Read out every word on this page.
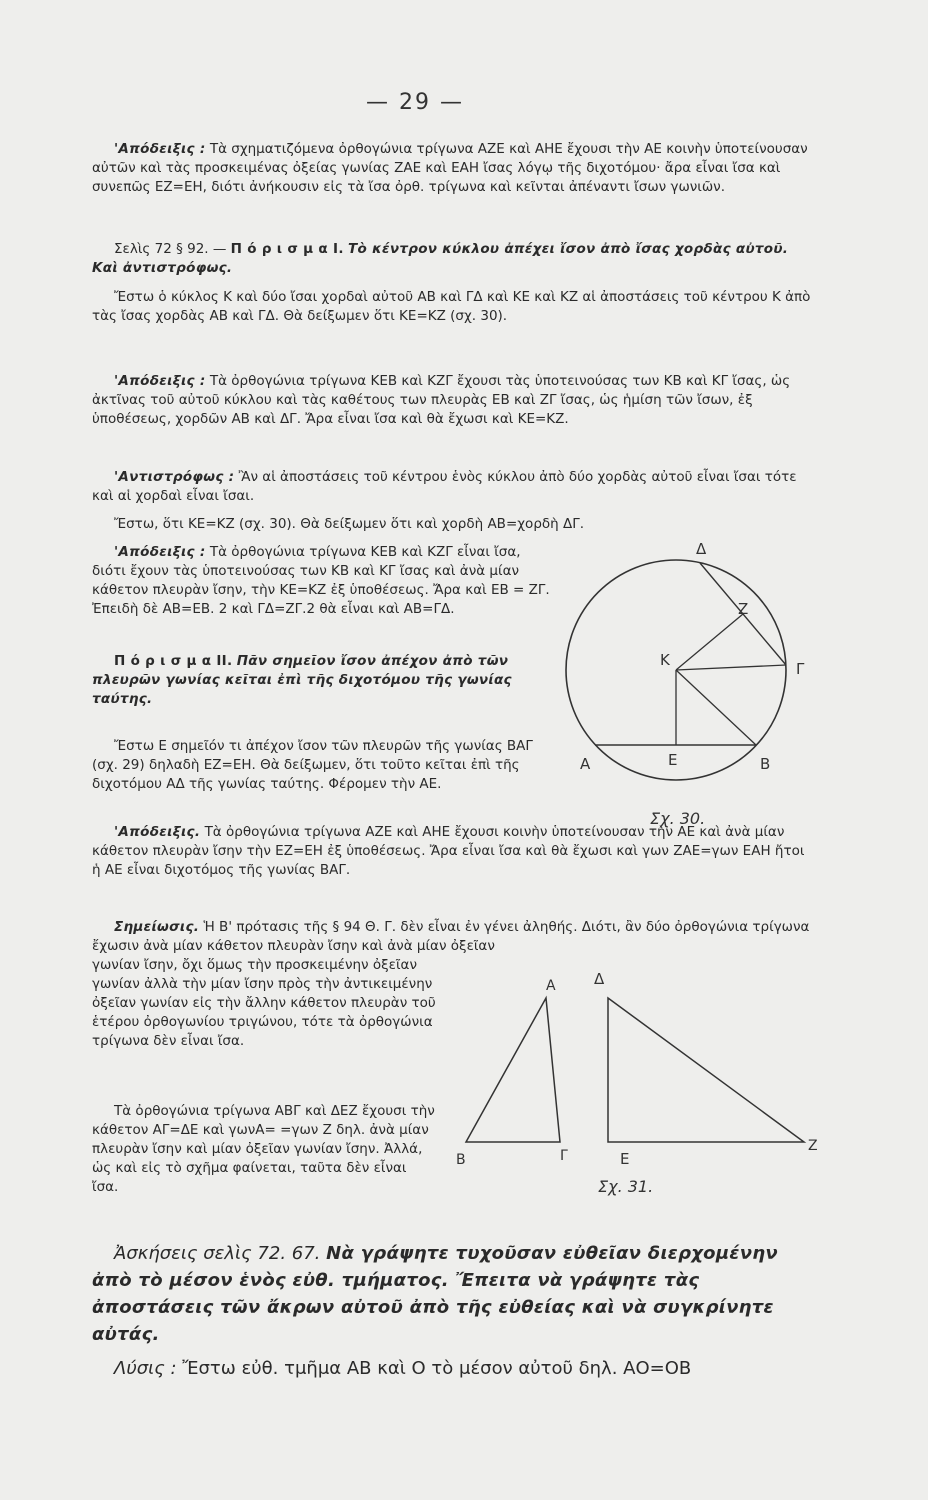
— 29 —
'Απόδειξις : Τὰ σχηματιζόμενα ὀρθογώνια τρίγωνα ΑΖΕ καὶ ΑΗΕ ἔχουσι τὴν ΑΕ κοινὴν ὑποτείνουσαν αὐτῶν καὶ τὰς προσκειμένας ὀξείας γωνίας ΖΑΕ καὶ ΕΑΗ ἴσας λόγῳ τῆς διχοτόμου· ἄρα εἶναι ἴσα καὶ συνεπῶς ΕΖ=ΕΗ, διότι ἀνήκουσιν εἰς τὰ ἴσα ὀρθ. τρίγωνα καὶ κεῖνται ἀπέναντι ἴσων γωνιῶν.
Σελὶς 72 § 92. — Π ό ρ ι σ μ α Ι. Τὸ κέντρον κύκλου ἀπέχει ἴσον ἀπὸ ἴσας χορδὰς αὐτοῦ. Καὶ ἀντιστρόφως.
Ἔστω ὁ κύκλος Κ καὶ δύο ἴσαι χορδαὶ αὐτοῦ ΑΒ καὶ ΓΔ καὶ ΚΕ καὶ ΚΖ αἱ ἀποστάσεις τοῦ κέντρου Κ ἀπὸ τὰς ἴσας χορδὰς ΑΒ καὶ ΓΔ. Θὰ δείξωμεν ὅτι ΚΕ=ΚΖ (σχ. 30).
'Απόδειξις : Τὰ ὀρθογώνια τρίγωνα ΚΕΒ καὶ ΚΖΓ ἔχουσι τὰς ὑποτεινούσας των ΚΒ καὶ ΚΓ ἴσας, ὡς ἀκτῖνας τοῦ αὐτοῦ κύκλου καὶ τὰς καθέτους των πλευρὰς ΕΒ καὶ ΖΓ ἴσας, ὡς ἡμίση τῶν ἴσων, ἐξ ὑποθέσεως, χορδῶν ΑΒ καὶ ΔΓ. Ἄρα εἶναι ἴσα καὶ θὰ ἔχωσι καὶ ΚΕ=ΚΖ.
'Αντιστρόφως : Ἂν αἱ ἀποστάσεις τοῦ κέντρου ἑνὸς κύκλου ἀπὸ δύο χορδὰς αὐτοῦ εἶναι ἴσαι τότε καὶ αἱ χορδαὶ εἶναι ἴσαι.
Ἔστω, ὅτι ΚΕ=ΚΖ (σχ. 30). Θὰ δείξωμεν ὅτι καὶ χορδὴ ΑΒ=χορδὴ ΔΓ.
'Απόδειξις : Τὰ ὀρθογώνια τρίγωνα ΚΕΒ καὶ ΚΖΓ εἶναι ἴσα, διότι ἔχουν τὰς ὑποτεινούσας των ΚΒ καὶ ΚΓ ἴσας καὶ ἀνὰ μίαν κάθετον πλευρὰν ἴσην, τὴν ΚΕ=ΚΖ ἐξ ὑποθέσεως. Ἄρα καὶ ΕΒ = ΖΓ. Ἐπειδὴ δὲ ΑΒ=ΕΒ. 2 καὶ ΓΔ=ΖΓ.2 θὰ εἶναι καὶ ΑΒ=ΓΔ.
Π ό ρ ι σ μ α ΙΙ. Πᾶν σημεῖον ἴσον ἀπέχον ἀπὸ τῶν πλευρῶν γωνίας κεῖται ἐπὶ τῆς διχοτόμου τῆς γωνίας ταύτης.
Ἔστω Ε σημεῖόν τι ἀπέχον ἴσον τῶν πλευρῶν τῆς γωνίας ΒΑΓ (σχ. 29) δηλαδὴ ΕΖ=ΕΗ. Θὰ δείξωμεν, ὅτι τοῦτο κεῖται ἐπὶ τῆς διχοτόμου ΑΔ τῆς γωνίας ταύτης. Φέρομεν τὴν ΑΕ.
'Απόδειξις. Τὰ ὀρθογώνια τρίγωνα ΑΖΕ καὶ ΑΗΕ ἔχουσι κοινὴν ὑποτείνουσαν τὴν ΑΕ καὶ ἀνὰ μίαν κάθετον πλευρὰν ἴσην τὴν ΕΖ=ΕΗ ἐξ ὑποθέσεως. Ἄρα εἶναι ἴσα καὶ θὰ ἔχωσι καὶ γων ΖΑΕ=γων ΕΑΗ ἤτοι ἡ ΑΕ εἶναι διχοτόμος τῆς γωνίας ΒΑΓ.
Σημείωσις. Ἡ Β' πρότασις τῆς § 94 Θ. Γ. δὲν εἶναι ἐν γένει ἀληθής. Διότι, ἂν δύο ὀρθογώνια τρίγωνα ἔχωσιν ἀνὰ μίαν κάθετον πλευρὰν ἴσην καὶ ἀνὰ μίαν ὀξεῖαν
γωνίαν ἴσην, ὄχι ὅμως τὴν προσκειμένην ὀξεῖαν γωνίαν ἀλλὰ τὴν μίαν ἴσην πρὸς τὴν ἀντικειμένην ὀξεῖαν γωνίαν εἰς τὴν ἄλλην κάθετον πλευρὰν τοῦ ἑτέρου ὀρθογωνίου τριγώνου, τότε τὰ ὀρθογώνια τρίγωνα δὲν εἶναι ἴσα.
Τὰ ὀρθογώνια τρίγωνα ΑΒΓ καὶ ΔΕΖ ἔχουσι τὴν κάθετον ΑΓ=ΔΕ καὶ γωνΑ= =γων Ζ δηλ. ἀνὰ μίαν πλευρὰν ἴσην καὶ μίαν ὀξεῖαν γωνίαν ἴσην. Ἀλλά, ὡς καὶ εἰς τὸ σχῆμα φαίνεται, ταῦτα δὲν εἶναι ἴσα.
Ἀσκήσεις σελὶς 72. 67. Νὰ γράψητε τυχοῦσαν εὐθεῖαν διερχομένην ἀπὸ τὸ μέσον ἑνὸς εὐθ. τμήματος. Ἔπειτα νὰ γράψητε τὰς ἀποστάσεις τῶν ἄκρων αὐτοῦ ἀπὸ τῆς εὐθείας καὶ νὰ συγκρίνητε αὐτάς.
Λύσις : Ἔστω εὐθ. τμῆμα ΑΒ καὶ Ο τὸ μέσον αὐτοῦ δηλ. ΑΟ=ΟΒ
Δ
Ζ
Κ	Γ
Α	Ε	Β
Σχ. 30.
Α	Δ
Β	Γ	Ε
Ζ
Σχ. 31.
